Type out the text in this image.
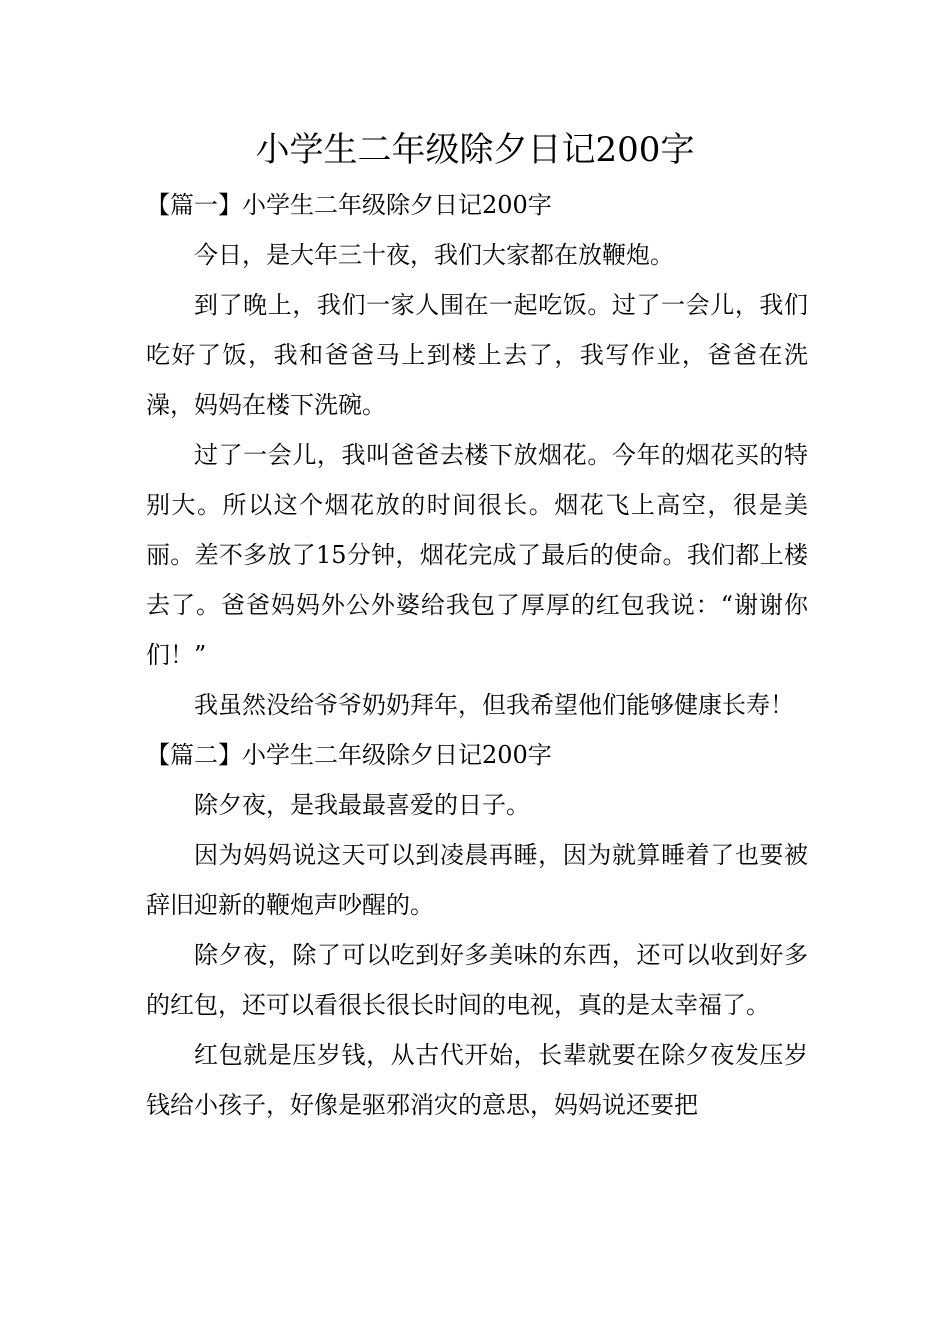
小学生二年级除夕日记200字
【篇一】小学生二年级除夕日记200字

今日，是大年三十夜，我们大家都在放鞭炮。

到了晚上，我们一家人围在一起吃饭。过了一会儿，我们吃好了饭，我和爸爸马上到楼上去了，我写作业，爸爸在洗澡，妈妈在楼下洗碗。

过了一会儿，我叫爸爸去楼下放烟花。今年的烟花买的特别大。所以这个烟花放的时间很长。烟花飞上高空，很是美丽。差不多放了15分钟，烟花完成了最后的使命。我们都上楼去了。爸爸妈妈外公外婆给我包了厚厚的红包我说：“谢谢你们！”

我虽然没给爷爷奶奶拜年，但我希望他们能够健康长寿！

【篇二】小学生二年级除夕日记200字

除夕夜，是我最最喜爱的日子。

因为妈妈说这天可以到凌晨再睡，因为就算睡着了也要被辞旧迎新的鞭炮声吵醒的。

除夕夜，除了可以吃到好多美味的东西，还可以收到好多的红包，还可以看很长很长时间的电视，真的是太幸福了。

红包就是压岁钱，从古代开始，长辈就要在除夕夜发压岁钱给小孩子，好像是驱邪消灾的意思，妈妈说还要把
